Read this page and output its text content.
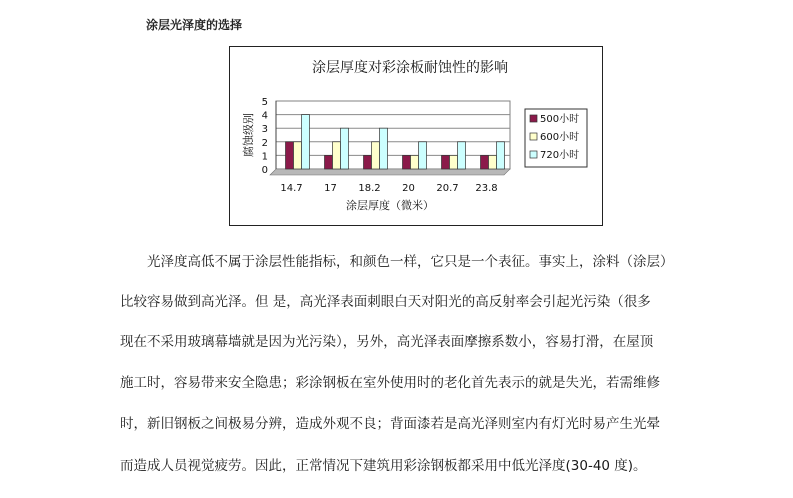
涂层光泽度的选择
涂层厚度对彩涂板耐蚀性的影响
0
1
2
3
4
5
14.7 17 18.2 20 20.7 23.8
涂层厚度（微米）
腐蚀级别	500小时
600小时
720小时
光泽度高低不属于涂层性能指标，和颜色一样，它只是一个表征。事实上，涂料（涂层）
比较容易做到高光泽。但 是，高光泽表面刺眼白天对阳光的高反射率会引起光污染（很多
现在不采用玻璃幕墙就是因为光污染），另外，高光泽表面摩擦系数小，容易打滑，在屋顶
施工时，容易带来安全隐患；彩涂钢板在室外使用时的老化首先表示的就是失光，若需维修
时，新旧钢板之间极易分辨，造成外观不良；背面漆若是高光泽则室内有灯光时易产生光晕
而造成人员视觉疲劳。因此，正常情况下建筑用彩涂钢板都采用中低光泽度(30-40 度)。
